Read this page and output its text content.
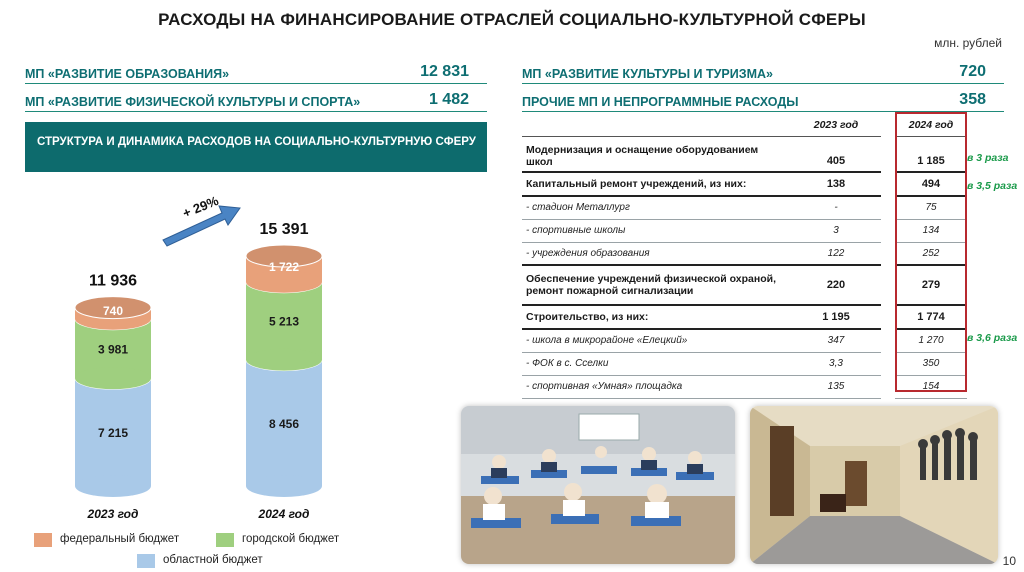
РАСХОДЫ НА ФИНАНСИРОВАНИЕ ОТРАСЛЕЙ СОЦИАЛЬНО-КУЛЬТУРНОЙ СФЕРЫ
млн. рублей
МП «РАЗВИТИЕ ОБРАЗОВАНИЯ»	12 831
МП «РАЗВИТИЕ ФИЗИЧЕСКОЙ КУЛЬТУРЫ И СПОРТА»	1 482
МП «РАЗВИТИЕ КУЛЬТУРЫ И ТУРИЗМА»	720
ПРОЧИЕ МП И НЕПРОГРАММНЫЕ РАСХОДЫ	358
СТРУКТУРА И ДИНАМИКА РАСХОДОВ НА СОЦИАЛЬНО-КУЛЬТУРНУЮ СФЕРУ
7 215
3 981
740
11 936
2023 год
8 456
5 213
1 722
15 391
2024 год
+ 29%
федеральный бюджет	городской бюджет
областной бюджет
	2023 год		2024 год
Модернизация и оснащение оборудованием школ	405		1 185
Капитальный ремонт учреждений, из них:	138		494
- стадион Металлург	-		75
- спортивные школы	3		134
- учреждения образования	122		252
Обеспечение учреждений физической охраной, ремонт пожарной сигнализации	220		279
Строительство, из них:	1 195		1 774
- школа в микрорайоне «Елецкий»	347		1 270
- ФОК в с. Сселки	3,3		350
- спортивная «Умная» площадка	135		154
в 3 раза
в 3,5 раза
в 3,6 раза
10
